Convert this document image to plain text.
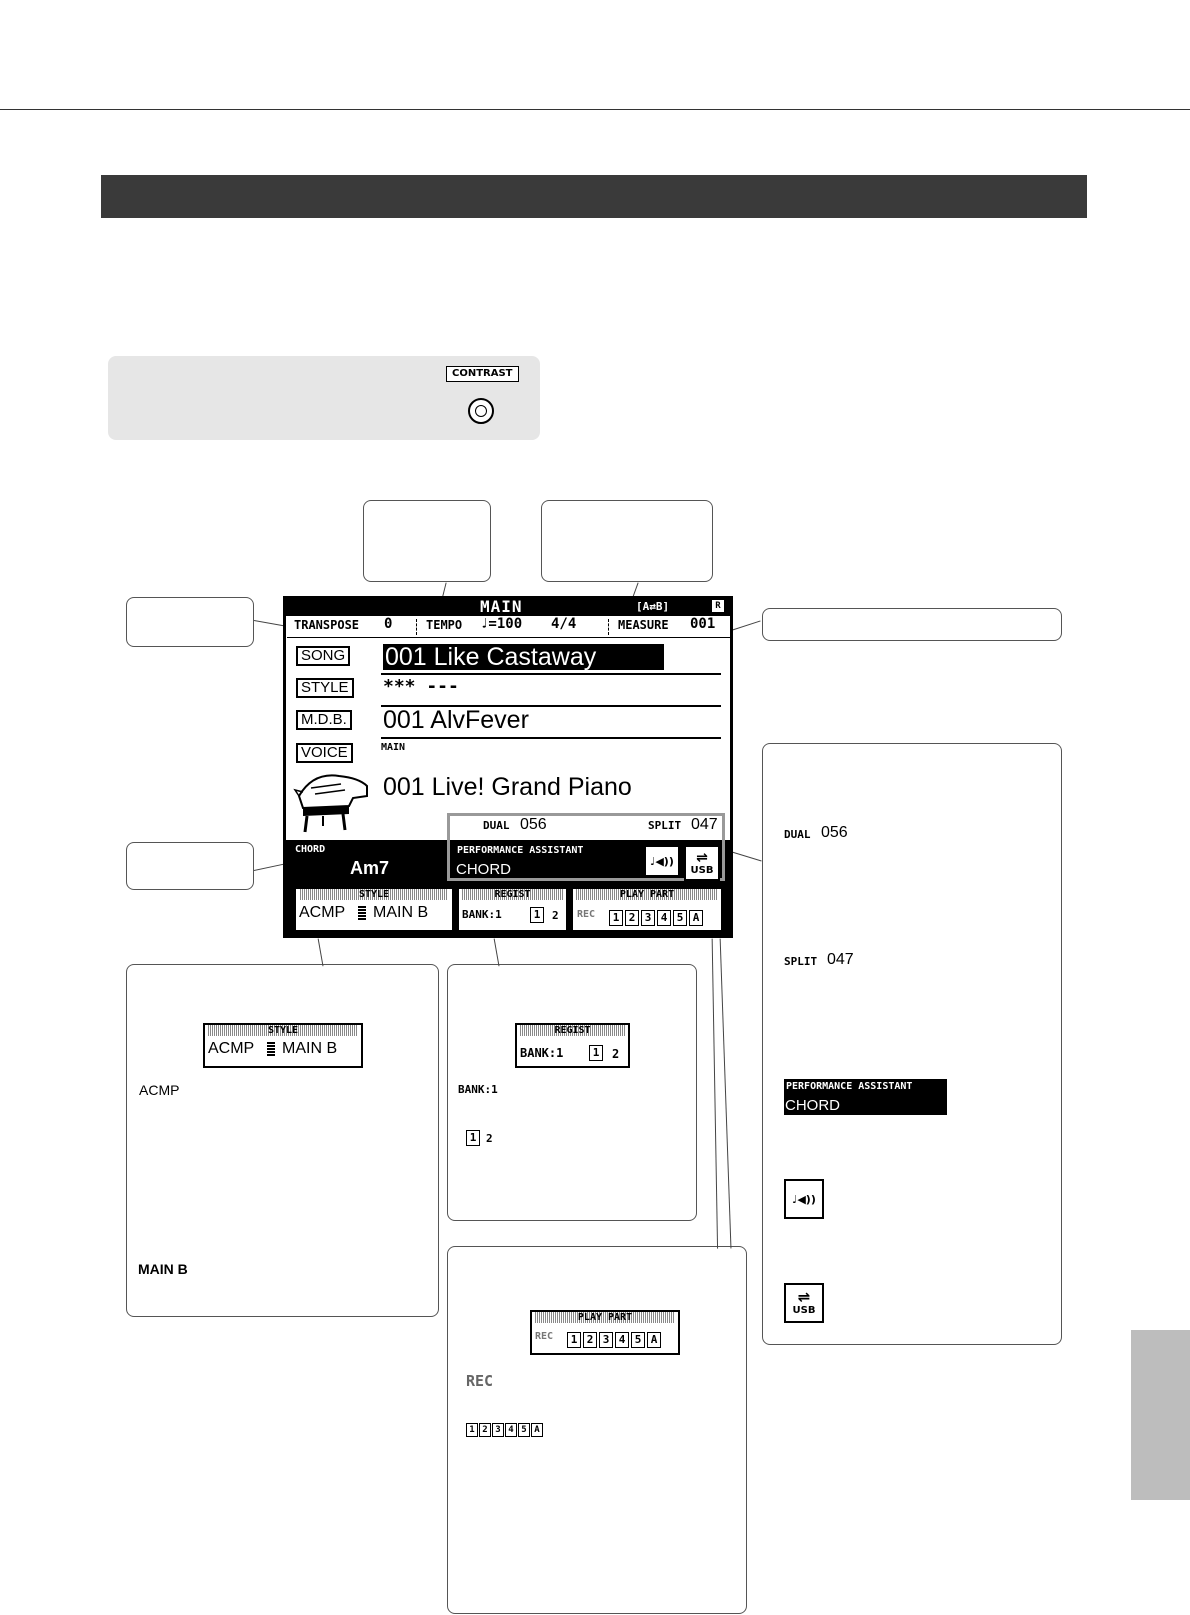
CONTRAST
MAIN	[A⇄B]	R
TRANSPOSE 0	TEMPO ♩=100 4/4	MEASURE 001
SONG 001 Like Castaway
STYLE *** ---
M.D.B. 001 AlvFever
VOICE	MAIN
001 Live! Grand Piano
DUAL 056	SPLIT 047
CHORD
Am7
PERFORMANCE ASSISTANT
CHORD	♩◀))	⇌
USB
STYLE
ACMP MAIN B
REGIST
BANK:1	1	2
PLAY PART
REC	1 2 3 4 5 A
STYLE
ACMP MAIN B
ACMP
MAIN B
REGIST
BANK:1	1	2
BANK:1
1 2
PLAY PART
REC	1 2 3 4 5 A
REC
1 2 3 4 5 A
DUAL 056
SPLIT 047
PERFORMANCE ASSISTANT
CHORD
♩◀))
⇌
USB
